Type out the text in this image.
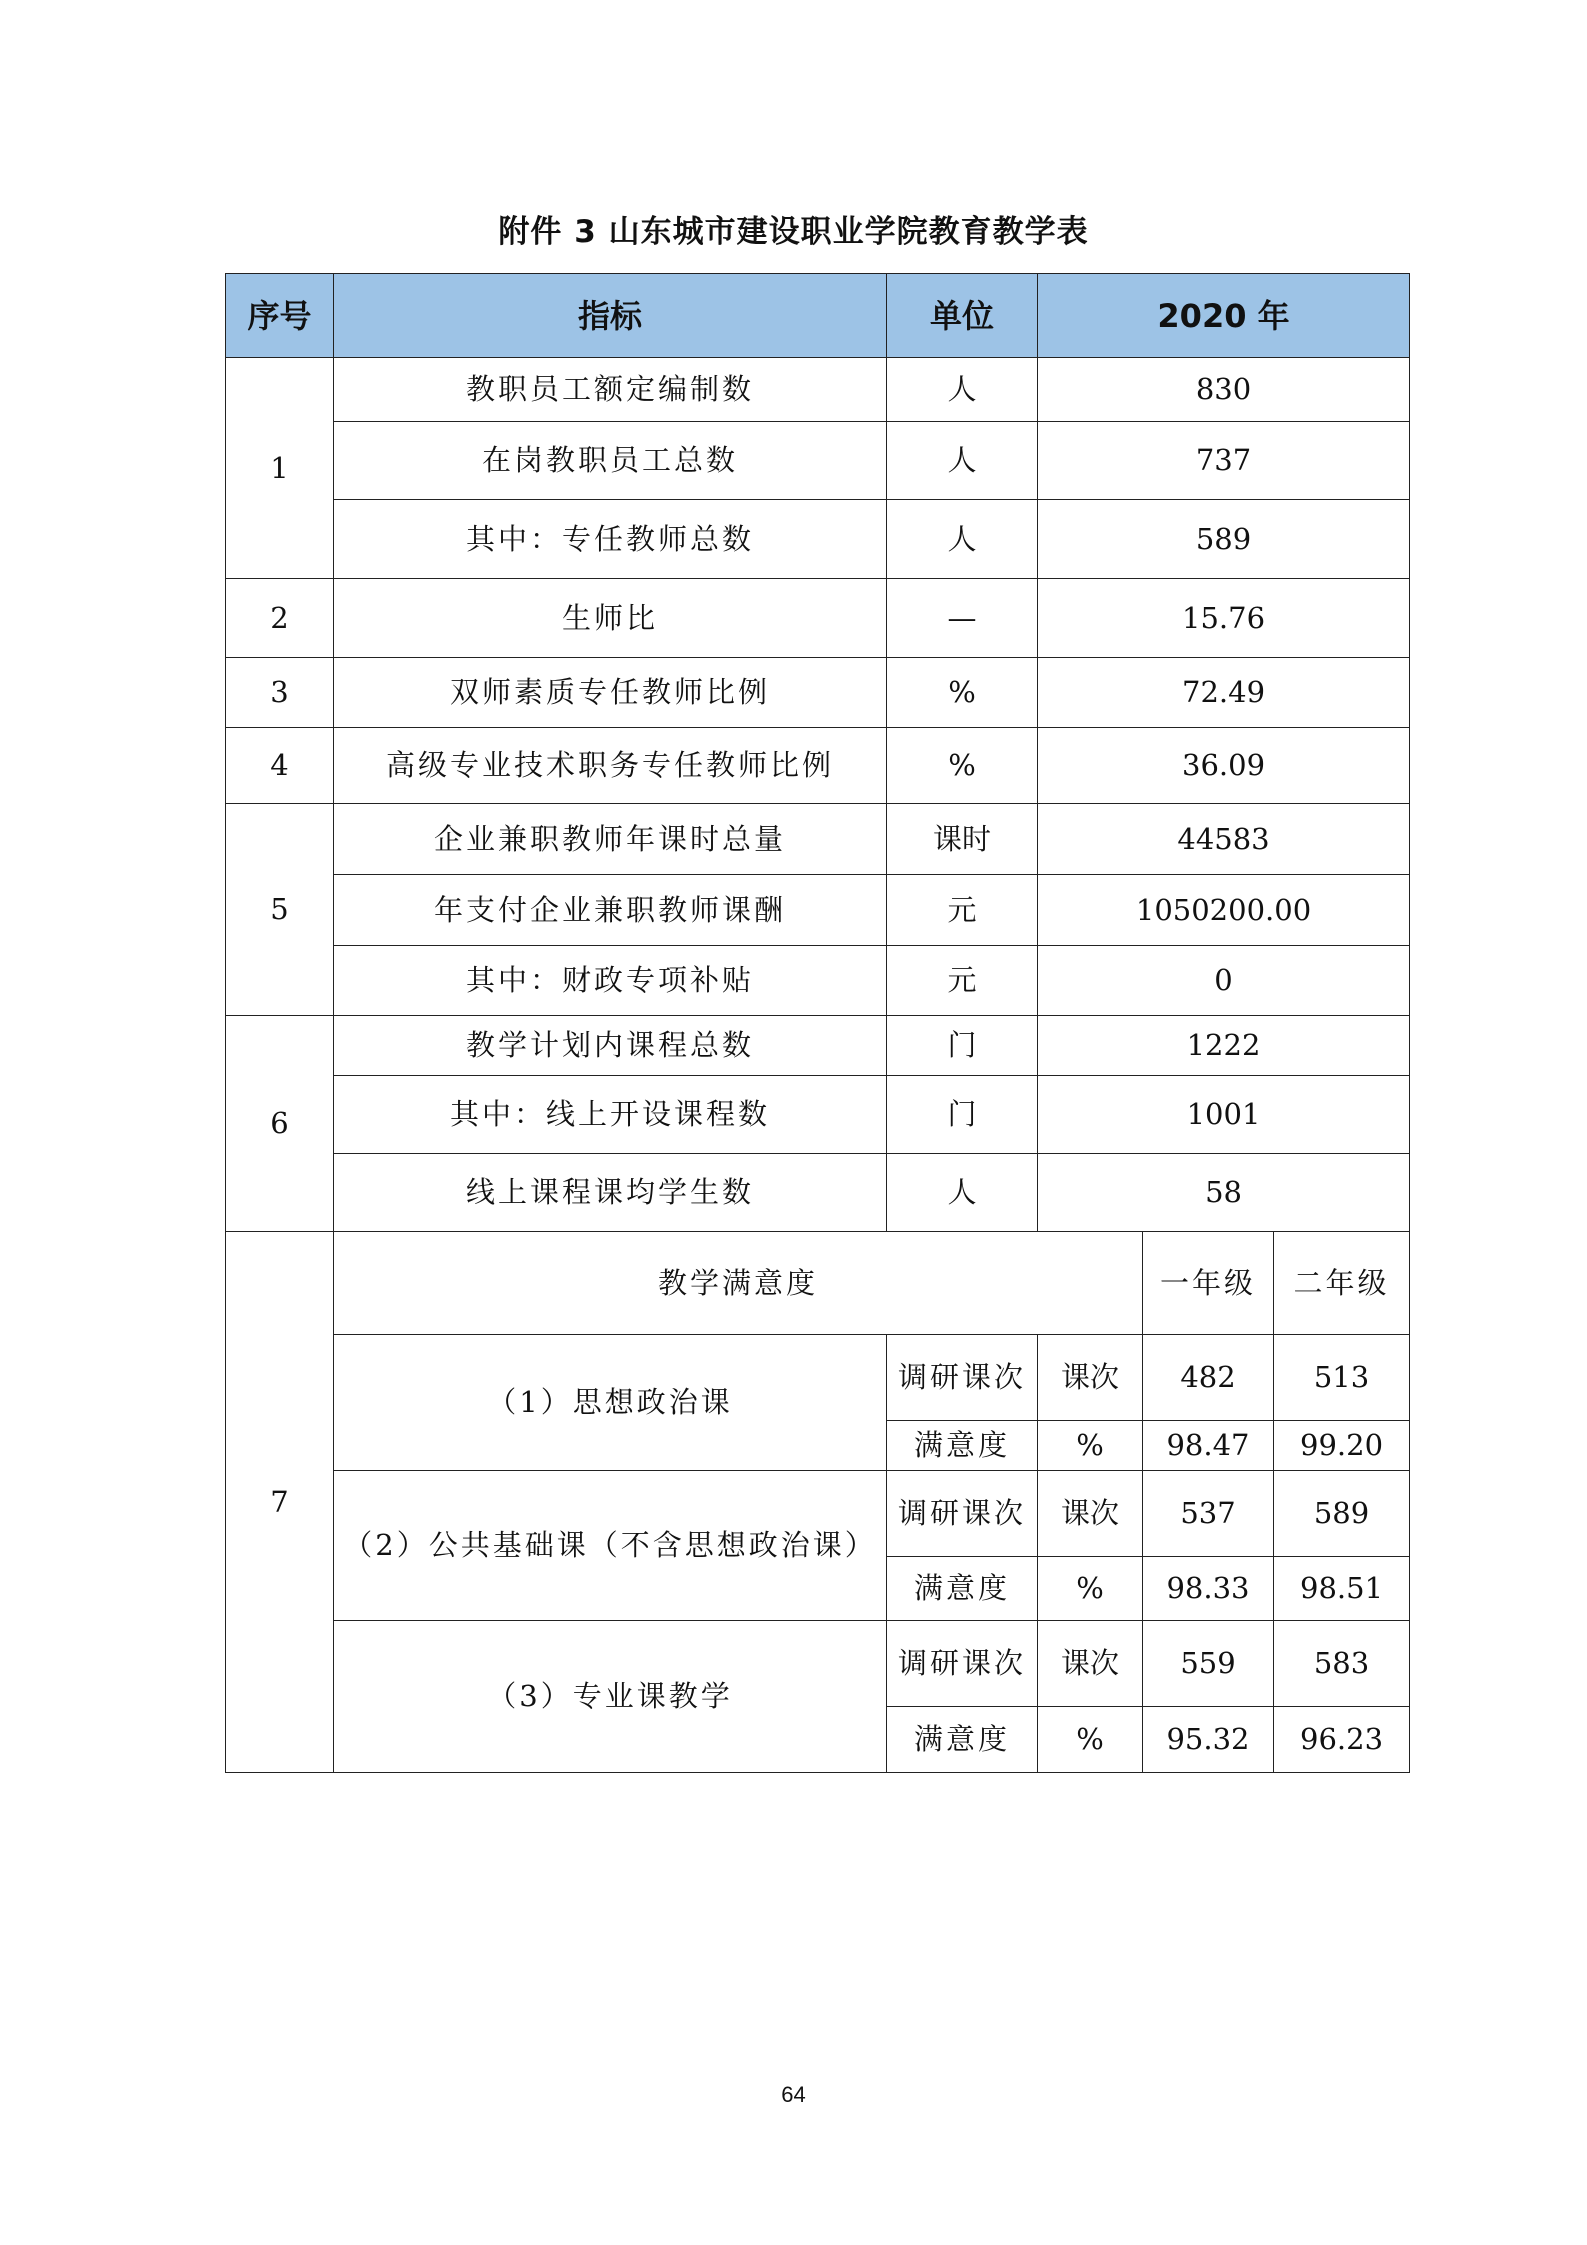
附件 3 山东城市建设职业学院教育教学表
序号	指标	单位	2020 年		
1	教职员工额定编制数	人	830		
	在岗教职员工总数	人	737		
	其中：专任教师总数	人	589		
2	生师比	—	15.76		
3	双师素质专任教师比例	%	72.49		
4	高级专业技术职务专任教师比例	%	36.09		
5	企业兼职教师年课时总量	课时	44583		
	年支付企业兼职教师课酬	元	1050200.00		
	其中：财政专项补贴	元	0		
6	教学计划内课程总数	门	1222		
	其中：线上开设课程数	门	1001		
	线上课程课均学生数	人	58		
7	教学满意度			一年级	二年级
	（1）思想政治课	调研课次	课次	482	513
		满意度	%	98.47	99.20
	（2）公共基础课（不含思想政治课）	调研课次	课次	537	589
		满意度	%	98.33	98.51
	（3）专业课教学	调研课次	课次	559	583
		满意度	%	95.32	96.23
64
